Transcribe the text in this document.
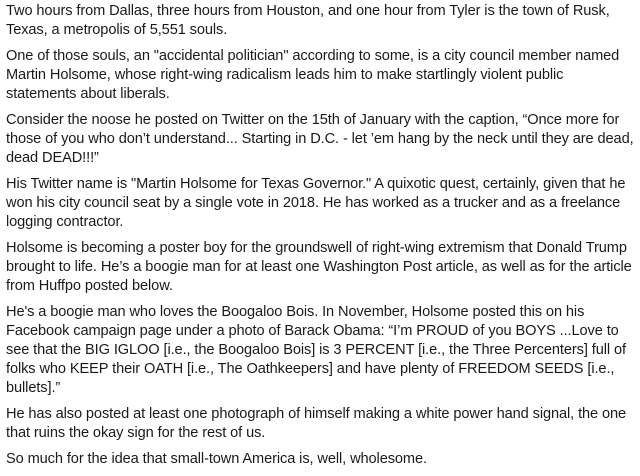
Two hours from Dallas, three hours from Houston, and one hour from Tyler is the town of Rusk, Texas, a metropolis of 5,551 souls.

One of those souls, an "accidental politician" according to some, is a city council member named Martin Holsome, whose right-wing radicalism leads him to make startlingly violent public statements about liberals.

Consider the noose he posted on Twitter on the 15th of January with the caption, “Once more for those of you who don’t understand... Starting in D.C. - let ’em hang by the neck until they are dead, dead DEAD!!!”

His Twitter name is "Martin Holsome for Texas Governor." A quixotic quest, certainly, given that he won his city council seat by a single vote in 2018. He has worked as a trucker and as a freelance logging contractor.

Holsome is becoming a poster boy for the groundswell of right-wing extremism that Donald Trump brought to life. He’s a boogie man for at least one Washington Post article, as well as for the article from Huffpo posted below.

He's a boogie man who loves the Boogaloo Bois. In November, Holsome posted this on his Facebook campaign page under a photo of Barack Obama: “I’m PROUD of you BOYS ...Love to see that the BIG IGLOO [i.e., the Boogaloo Bois] is 3 PERCENT [i.e., the Three Percenters] full of folks who KEEP their OATH [i.e., The Oathkeepers] and have plenty of FREEDOM SEEDS [i.e., bullets].”

He has also posted at least one photograph of himself making a white power hand signal, the one that ruins the okay sign for the rest of us.

So much for the idea that small-town America is, well, wholesome.
